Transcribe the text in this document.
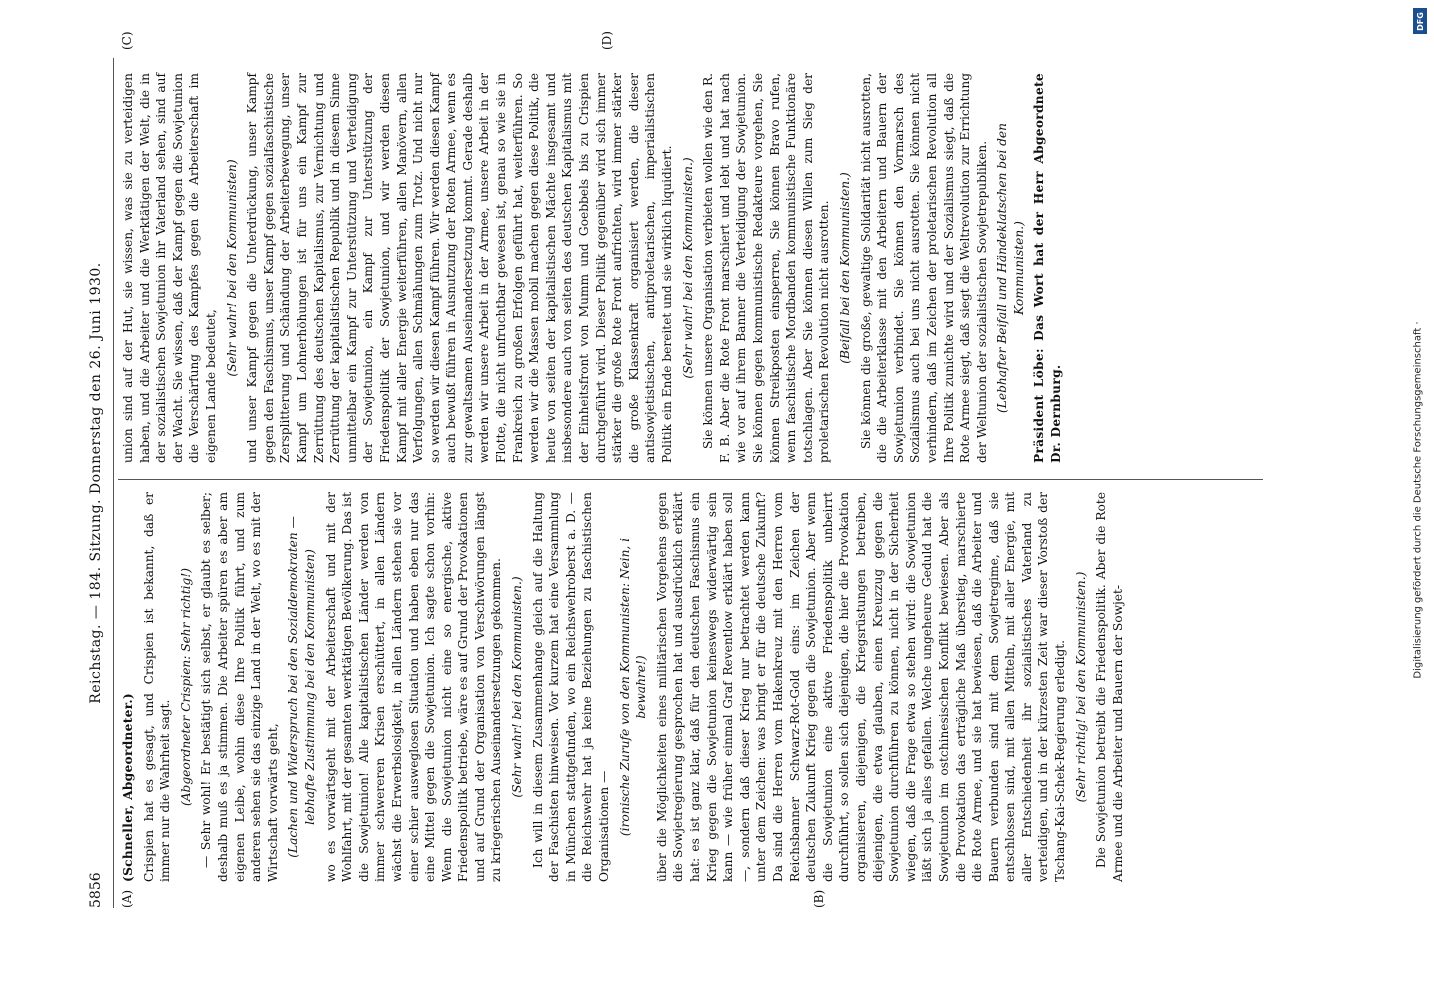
5856
Reichstag. — 184. Sitzung. Donnerstag den 26. Juni 1930.
(A)	(B)
(C)	(D)

(Schneller, Abgeordneter.) Crispien hat es gesagt, und Crispien ist bekannt, daß er immer nur die Wahrheit sagt. (Abgeordneter Crispien: Sehr richtig!) — Sehr wohl! Er bestätigt sich selbst, er glaubt es selber; deshalb muß es ja stimmen. Die Arbeiter spüren es aber am eigenen Leibe, wohin diese Ihre Politik führt, und zum anderen sehen sie das einzige Land in der Welt, wo es mit der Wirtschaft vorwärts geht, (Lachen und Widerspruch bei den Sozialdemokraten — lebhafte Zustimmung bei den Kommunisten) wo es vorwärtsgeht mit der Arbeiterschaft und mit der Wohlfahrt, mit der gesamten werktätigen Bevölkerung. Das ist die Sowjetunion! Alle kapitalistischen Länder werden von immer schwereren Krisen erschüttert, in allen Ländern wächst die Erwerbslosigkeit, in allen Ländern stehen sie vor einer schier ausweglosen Situation und haben eben nur das eine Mittel gegen die Sowjetunion. Ich sagte schon vorhin: Wenn die Sowjetunion nicht eine so energische, aktive Friedenspolitik betriebe, wäre es auf Grund der Provokationen und auf Grund der Organisation von Verschwörungen längst zu kriegerischen Auseinandersetzungen gekommen. (Sehr wahr! bei den Kommunisten.) Ich will in diesem Zusammenhange gleich auf die Haltung der Faschisten hinweisen. Vor kurzem hat eine Versammlung in München stattgefunden, wo ein Reichswehroberst a. D. — die Reichswehr hat ja keine Beziehungen zu faschistischen Organisationen — (ironische Zurufe von den Kommunisten: Nein, i bewahre!) über die Möglichkeiten eines militärischen Vorgehens gegen die Sowjetregierung gesprochen hat und ausdrücklich erklärt hat: es ist ganz klar, daß für den deutschen Faschismus ein Krieg gegen die Sowjetunion keineswegs widerwärtig sein kann — wie früher einmal Graf Reventlow erklärt haben soll —, sondern daß dieser Krieg nur betrachtet werden kann unter dem Zeichen: was bringt er für die deutsche Zukunft? Da sind die Herren vom Hakenkreuz mit den Herren vom Reichsbanner Schwarz-Rot-Gold eins: im Zeichen der deutschen Zukunft Krieg gegen die Sowjetunion. Aber wenn die Sowjetunion eine aktive Friedenspolitik unbeirrt durchführt, so sollen sich diejenigen, die hier die Provokation organisieren, diejenigen, die Kriegsrüstungen betreiben, diejenigen, die etwa glauben, einen Kreuzzug gegen die Sowjetunion durchführen zu können, nicht in der Sicherheit wiegen, daß die Frage etwa so stehen wird: die Sowjetunion läßt sich ja alles gefallen. Welche ungeheure Geduld hat die Sowjetunion im ostchinesischen Konflikt bewiesen. Aber als die Provokation das erträgliche Maß überstieg, marschierte die Rote Armee, und sie hat bewiesen, daß die Arbeiter und Bauern verbunden sind mit dem Sowjetregime, daß sie entschlossen sind, mit allen Mitteln, mit aller Energie, mit aller Entschiedenheit ihr sozialistisches Vaterland zu verteidigen, und in der kürzesten Zeit war dieser Vorstoß der Tschang-Kai-Schek-Regierung erledigt. (Sehr richtig! bei den Kommunisten.) Die Sowjetunion betreibt die Friedenspolitik. Aber die Rote Armee und die Arbeiter und Bauern der Sowjet-

union sind auf der Hut, sie wissen, was sie zu verteidigen haben, und die Arbeiter und die Werktätigen der Welt, die in der sozialistischen Sowjetunion ihr Vaterland sehen, sind auf der Wacht. Sie wissen, daß der Kampf gegen die Sowjetunion die Verschärfung des Kampfes gegen die Arbeiterschaft im eigenen Lande bedeutet,

(Sehr wahr! bei den Kommunisten) und unser Kampf gegen die Unterdrückung, unser Kampf gegen den Faschismus, unser Kampf gegen sozialfaschistische Zersplitterung und Schändung der Arbeiterbewegung, unser Kampf um Lohnerhöhungen ist für uns ein Kampf zur Zerrüttung des deutschen Kapitalismus, zur Vernichtung und Zerrüttung der kapitalistischen Republik und in diesem Sinne unmittelbar ein Kampf zur Unterstützung und Verteidigung der Sowjetunion, ein Kampf zur Unterstützung der Friedenspolitik der Sowjetunion, und wir werden diesen Kampf mit aller Energie weiterführen, allen Manövern, allen Verfolgungen, allen Schmähungen zum Trotz. Und nicht nur so werden wir diesen Kampf führen. Wir werden diesen Kampf auch bewußt führen in Ausnutzung der Roten Armee, wenn es zur gewaltsamen Auseinandersetzung kommt. Gerade deshalb werden wir unsere Arbeit in der Armee, unsere Arbeit in der Flotte, die nicht unfruchtbar gewesen ist, genau so wie sie in Frankreich zu großen Erfolgen geführt hat, weiterführen. So werden wir die Massen mobil machen gegen diese Politik, die heute von seiten der kapitalistischen Mächte insgesamt und insbesondere auch von seiten des deutschen Kapitalismus mit der Einheitsfront von Mumm und Goebbels bis zu Crispien durchgeführt wird. Dieser Politik gegenüber wird sich immer stärker die große Rote Front aufrichten, wird immer stärker die große Klassenkraft organisiert werden, die dieser antisowjetistischen, antiproletarischen, imperialistischen Politik ein Ende bereitet und sie wirklich liquidiert. (Sehr wahr! bei den Kommunisten.) Sie können unsere Organisation verbieten wollen wie den R. F. B. Aber die Rote Front marschiert und lebt und hat nach wie vor auf ihrem Banner die Verteidigung der Sowjetunion. Sie können gegen kommunistische Redakteure vorgehen, Sie können Streikposten einsperren, Sie können Bravo rufen, wenn faschistische Mordbanden kommunistische Funktionäre totschlagen. Aber Sie können diesen Willen zum Sieg der proletarischen Revolution nicht ausrotten. (Beifall bei den Kommunisten.) Sie können die große, gewaltige Solidarität nicht ausrotten, die die Arbeiterklasse mit den Arbeitern und Bauern der Sowjetunion verbindet. Sie können den Vormarsch des Sozialismus auch bei uns nicht ausrotten. Sie können nicht verhindern, daß im Zeichen der proletarischen Revolution all Ihre Politik zunichte wird und der Sozialismus siegt, daß die Rote Armee siegt, daß siegt die Weltrevolution zur Errichtung der Weltunion der sozialistischen Sowjetrepubliken. (Lebhafter Beifall und Händeklatschen bei den Kommunisten.) Präsident Löbe: Das Wort hat der Herr Abgeordnete Dr. Dernburg.

DFG
Digitalisierung gefördert durch die Deutsche Forschungsgemeinschaft ·
